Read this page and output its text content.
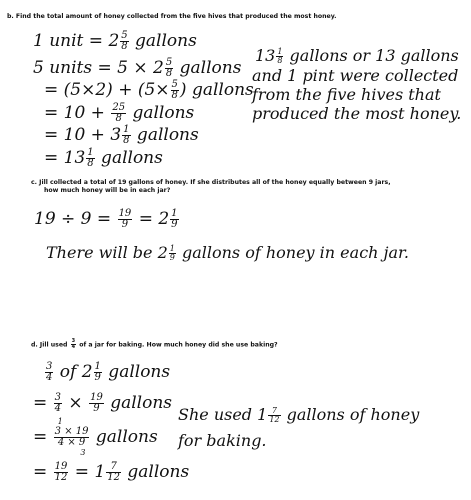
b. Find the total amount of honey collected from the five hives that produced the most honey.
1 unit = $2 \frac{5}{8}$ gallons
5 units = $5 \times 2 \frac{5}{8}$ gallons
= $(5\times 2) + (5\times \frac{5}{8}$ ) gallons
= $10 + \frac{25}{8}$ gallons
= $10 + 3 \frac{1}{8}$ gallons
= $13 \frac{1}{8}$ gallons
$13 \frac{1}{8}$ gallons or 13 gallons
and 1 pint were collected
from the five hives that
produced the most honey.
c. Jill collected a total of 19 gallons of honey. If she distributes all of the honey equally between 9 jars,
how much honey will be in each jar?
$19 \div 9 = \frac{19}{9} = 2 \frac{1}{9}$
There will be $2 \frac{1}{9}$ gallons of honey in each jar.
d. Jill used $\frac{3}{4}$ of a jar for baking. How much honey did she use baking?
$\frac{3}{4}$ of $2 \frac{1}{9}$ gallons
= $\frac{3}{4} \times \frac{19}{9}$ gallons
= 1
3 × 19
4 × 9
3 gallons
= $\frac{19}{12} = 1 \frac{7}{12}$ gallons
She used $1 \frac{7}{12}$ gallons of honey
for baking.
